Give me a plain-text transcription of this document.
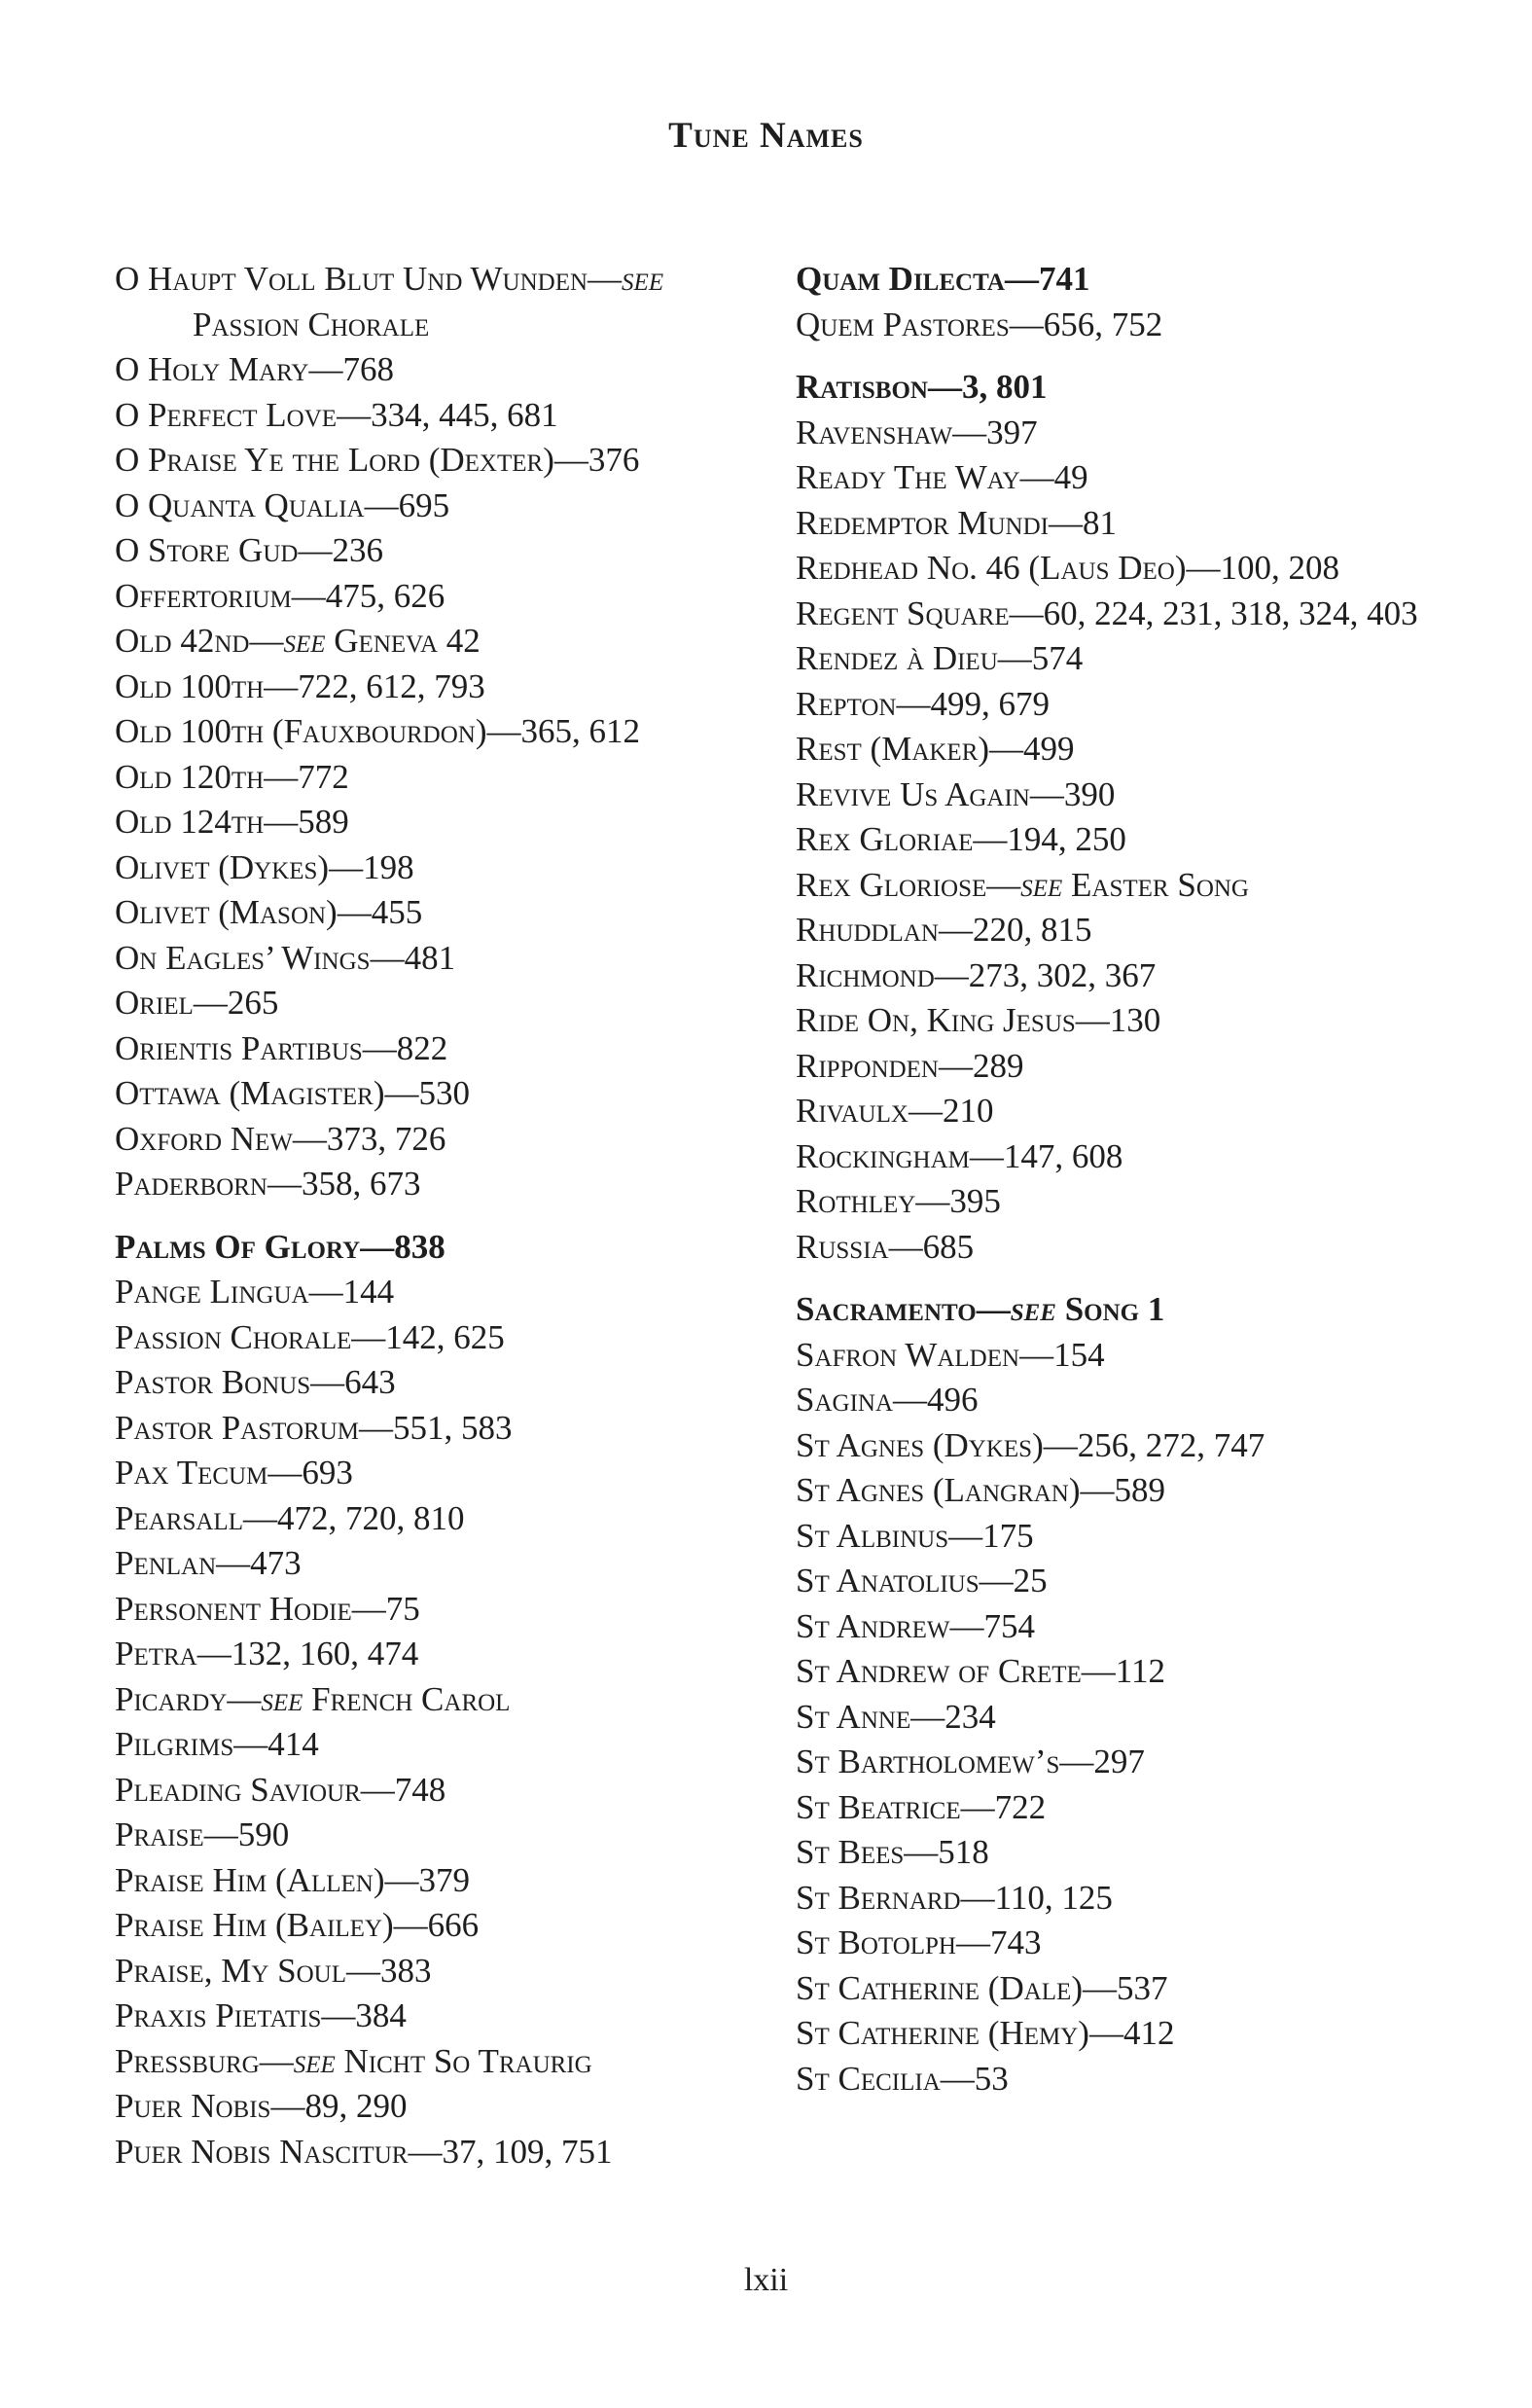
Tune Names
O Haupt Voll Blut Und Wunden—see Passion Chorale
O Holy Mary—768
O Perfect Love—334, 445, 681
O Praise Ye the Lord (Dexter)—376
O Quanta Qualia—695
O Store Gud—236
Offertorium—475, 626
Old 42nd—see Geneva 42
Old 100th—722, 612, 793
Old 100th (Fauxbourdon)—365, 612
Old 120th—772
Old 124th—589
Olivet (Dykes)—198
Olivet (Mason)—455
On Eagles’ Wings—481
Oriel—265
Orientis Partibus—822
Ottawa (Magister)—530
Oxford New—373, 726
Paderborn—358, 673
Palms Of Glory—838
Pange Lingua—144
Passion Chorale—142, 625
Pastor Bonus—643
Pastor Pastorum—551, 583
Pax Tecum—693
Pearsall—472, 720, 810
Penlan—473
Personent Hodie—75
Petra—132, 160, 474
Picardy—see French Carol
Pilgrims—414
Pleading Saviour—748
Praise—590
Praise Him (Allen)—379
Praise Him (Bailey)—666
Praise, My Soul—383
Praxis Pietatis—384
Pressburg—see Nicht So Traurig
Puer Nobis—89, 290
Puer Nobis Nascitur—37, 109, 751
Quam Dilecta—741
Quem Pastores—656, 752
Ratisbon—3, 801
Ravenshaw—397
Ready The Way—49
Redemptor Mundi—81
Redhead No. 46 (Laus Deo)—100, 208
Regent Square—60, 224, 231, 318, 324, 403
Rendez à Dieu—574
Repton—499, 679
Rest (Maker)—499
Revive Us Again—390
Rex Gloriae—194, 250
Rex Gloriose—see Easter Song
Rhuddlan—220, 815
Richmond—273, 302, 367
Ride On, King Jesus—130
Ripponden—289
Rivaulx—210
Rockingham—147, 608
Rothley—395
Russia—685
Sacramento—see Song 1
Safron Walden—154
Sagina—496
St Agnes (Dykes)—256, 272, 747
St Agnes (Langran)—589
St Albinus—175
St Anatolius—25
St Andrew—754
St Andrew of Crete—112
St Anne—234
St Bartholomew’s—297
St Beatrice—722
St Bees—518
St Bernard—110, 125
St Botolph—743
St Catherine (Dale)—537
St Catherine (Hemy)—412
St Cecilia—53
lxii
